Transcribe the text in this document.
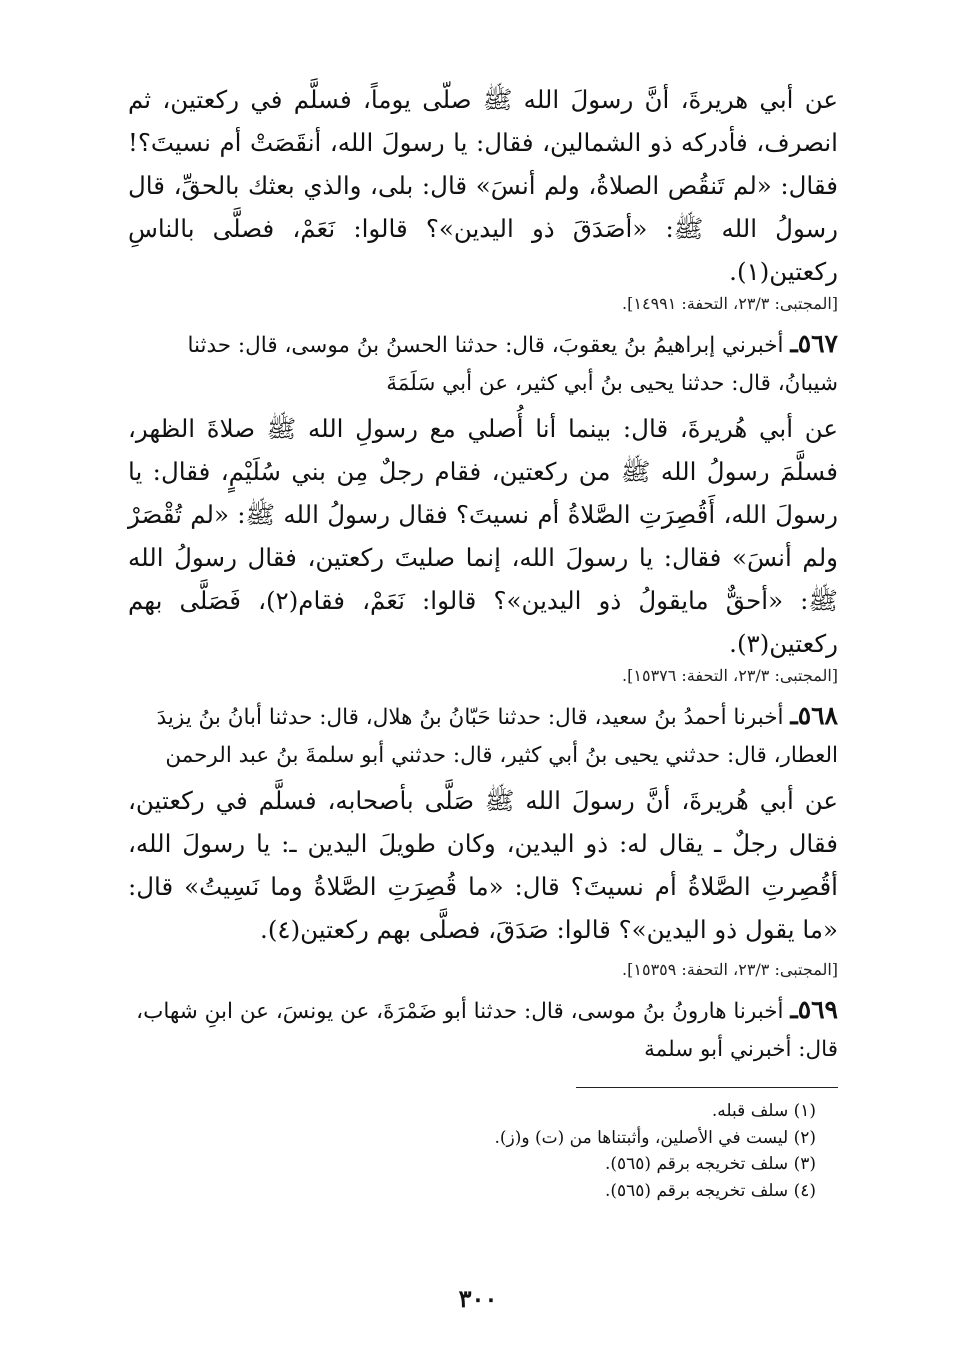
عن أبي هريرةَ، أنَّ رسولَ الله ﷺ صلّى يوماً، فسلَّم في ركعتين، ثم انصرف، فأدركه ذو الشمالين، فقال: يا رسولَ الله، أنقَصَتْ أم نسيتَ؟! فقال: «لم تَنقُص الصلاةُ، ولم أنسَ» قال: بلى، والذي بعثك بالحقِّ، قال رسولُ الله ﷺ: «أصَدَقَ ذو اليدين»؟ قالوا: نَعَمْ، فصلَّى بالناسِ ركعتين(١).

[المجتبى: ٢٣/٣، التحفة: ١٤٩٩١].

٥٦٧ـ أخبرني إبراهيمُ بنُ يعقوبَ، قال: حدثنا الحسنُ بنُ موسى، قال: حدثنا شيبانُ، قال: حدثنا يحيى بنُ أبي كثير، عن أبي سَلَمَةَ

عن أبي هُريرةَ، قال: بينما أنا أُصلي مع رسولِ الله ﷺ صلاةَ الظهر، فسلَّمَ رسولُ الله ﷺ من ركعتين، فقام رجلٌ مِن بني سُلَيْمٍ، فقال: يا رسولَ الله، أَقُصِرَتِ الصَّلاةُ أم نسيتَ؟ فقال رسولُ الله ﷺ: «لم تُقْصَرْ ولم أنسَ» فقال: يا رسولَ الله، إنما صليتَ ركعتين، فقال رسولُ الله ﷺ: «أحقٌّ مايقولُ ذو اليدين»؟ قالوا: نَعَمْ، فقام(٢)، فَصَلَّى بهم ركعتين(٣).

[المجتبى: ٢٣/٣، التحفة: ١٥٣٧٦].

٥٦٨ـ أخبرنا أحمدُ بنُ سعيد، قال: حدثنا حَبّانُ بنُ هلال، قال: حدثنا أبانُ بنُ يزيدَ العطار، قال: حدثني يحيى بنُ أبي كثير، قال: حدثني أبو سلمةَ بنُ عبد الرحمن

عن أبي هُريرةَ، أنَّ رسولَ الله ﷺ صَلَّى بأصحابه، فسلَّم في ركعتين، فقال رجلٌ ـ يقال له: ذو اليدين، وكان طويلَ اليدين ـ: يا رسولَ الله، أقُصِرتِ الصَّلاةُ أم نسيتَ؟ قال: «ما قُصِرَتِ الصَّلاةُ وما نَسِيتُ» قال: «ما يقول ذو اليدين»؟ قالوا: صَدَقَ، فصلَّى بهم ركعتين(٤).

[المجتبى: ٢٣/٣، التحفة: ١٥٣٥٩].

٥٦٩ـ أخبرنا هارونُ بنُ موسى، قال: حدثنا أبو ضَمْرَةَ، عن يونسَ، عن ابنِ شهاب، قال: أخبرني أبو سلمة

(١) سلف قبله.
(٢) ليست في الأصلين، وأثبتناها من (ت) و(ز).
(٣) سلف تخريجه برقم (٥٦٥).
(٤) سلف تخريجه برقم (٥٦٥).
٣٠٠
